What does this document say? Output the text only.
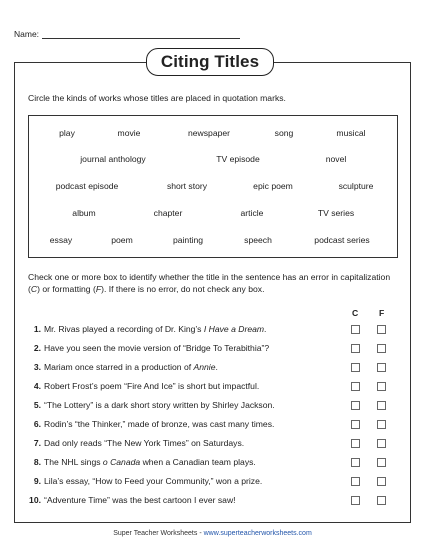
Name:
Citing Titles
Circle the kinds of works whose titles are placed in quotation marks.
play	movie	newspaper	song	musical
journal anthology	TV episode	novel
podcast episode	short story	epic poem	sculpture
album	chapter	article	TV series
essay	poem	painting	speech	podcast series
Check one or more box to identify whether the title in the sentence has an error in capitalization (C) or formatting (F). If there is no error, do not check any box.
C F
1. Mr. Rivas played a recording of Dr. King’s I Have a Dream.
2. Have you seen the movie version of “Bridge To Terabithia”?
3. Mariam once starred in a production of Annie.
4. Robert Frost’s poem “Fire And Ice” is short but impactful.
5. “The Lottery” is a dark short story written by Shirley Jackson.
6. Rodin’s “the Thinker,” made of bronze, was cast many times.
7. Dad only reads “The New York Times” on Saturdays.
8. The NHL sings o Canada when a Canadian team plays.
9. Lila’s essay, “How to Feed your Community,” won a prize.
10. “Adventure Time” was the best cartoon I ever saw!
Super Teacher Worksheets - www.superteacherworksheets.com
